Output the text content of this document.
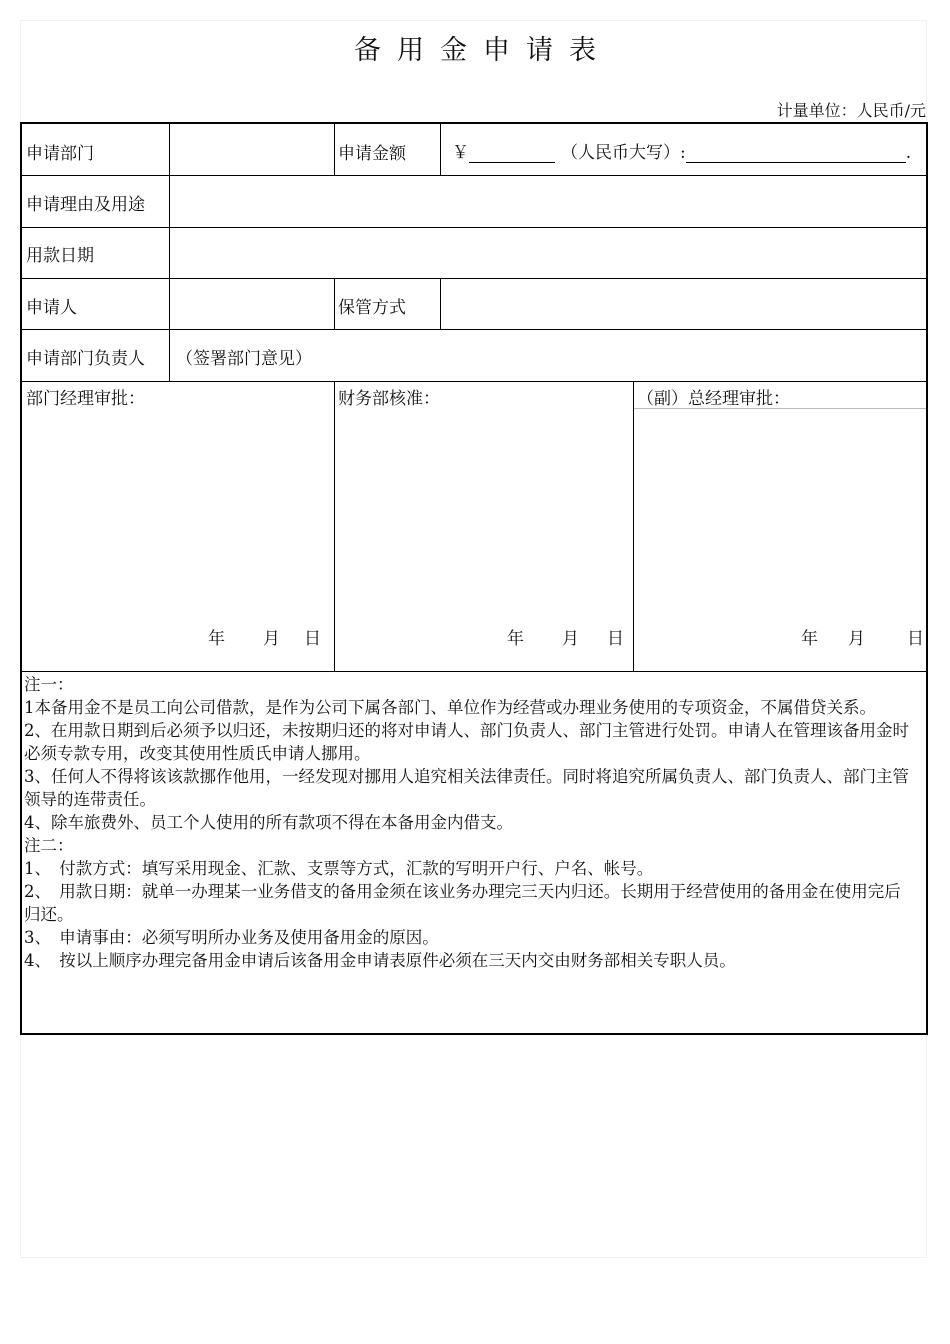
备用金申请表
计量单位：人民币/元
申请部门	申请金额	￥	（人民币大写）:	.
申请理由及用途
用款日期
申请人	保管方式
申请部门负责人 （签署部门意见）
部门经理审批：	财务部核准：	（副）总经理审批：
年 月 日	年 月 日	年 月 日
注一：
1本备用金不是员工向公司借款，是作为公司下属各部门、单位作为经营或办理业务使用的专项资金，不属借贷关系。
2、在用款日期到后必须予以归还，未按期归还的将对申请人、部门负责人、部门主管进行处罚。申请人在管理该备用金时必须专款专用，改变其使用性质氏申请人挪用。
3、任何人不得将该该款挪作他用，一经发现对挪用人追究相关法律责任。同时将追究所属负责人、部门负责人、部门主管领导的连带责任。
4、除车旅费外、员工个人使用的所有款项不得在本备用金内借支。
注二：
1、　付款方式：填写采用现金、汇款、支票等方式，汇款的写明开户行、户名、帐号。
2、　用款日期：就单一办理某一业务借支的备用金须在该业务办理完三天内归还。长期用于经营使用的备用金在使用完后归还。
3、　申请事由：必须写明所办业务及使用备用金的原因。
4、　按以上顺序办理完备用金申请后该备用金申请表原件必须在三天内交由财务部相关专职人员。
